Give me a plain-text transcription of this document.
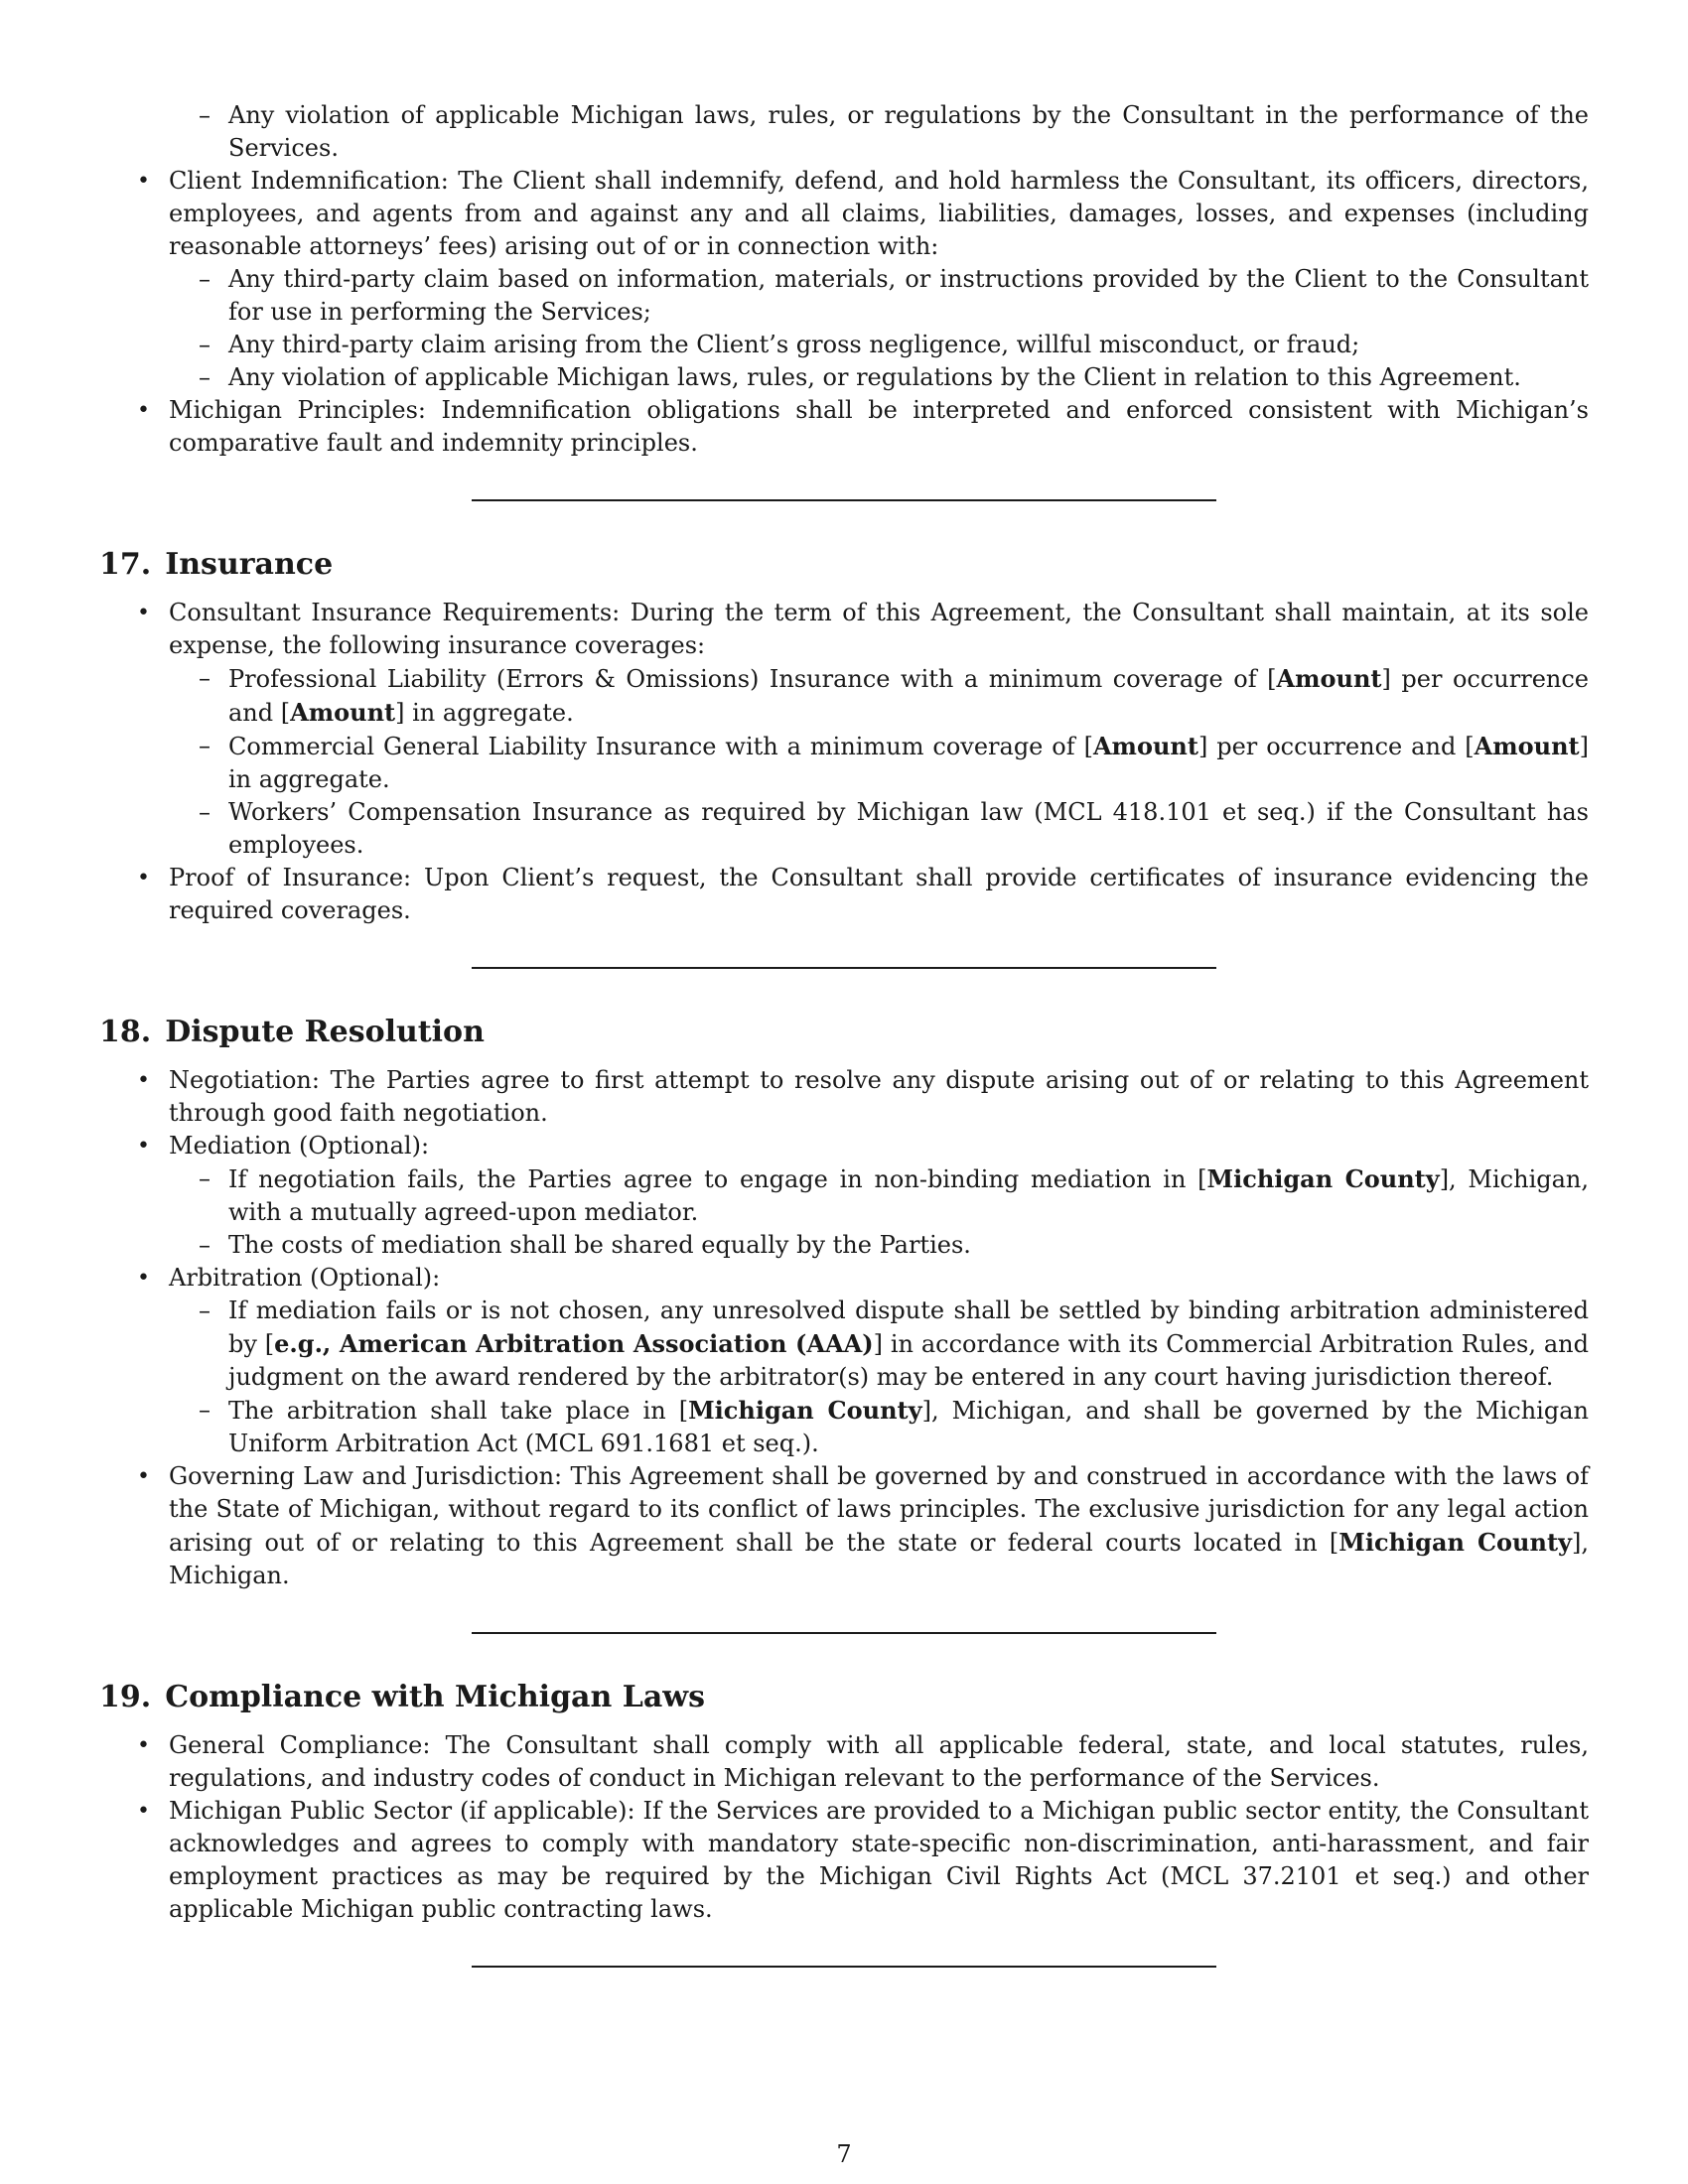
– Any violation of applicable Michigan laws, rules, or regulations by the Consultant in the performance of the Services.
• Client Indemnification: The Client shall indemnify, defend, and hold harmless the Consultant, its officers, directors, employees, and agents from and against any and all claims, liabilities, damages, losses, and expenses (including reasonable attorneys’ fees) arising out of or in connection with:
– Any third-party claim based on information, materials, or instructions provided by the Client to the Consultant for use in performing the Services;
– Any third-party claim arising from the Client’s gross negligence, willful misconduct, or fraud;
– Any violation of applicable Michigan laws, rules, or regulations by the Client in relation to this Agreement.
• Michigan Principles: Indemnification obligations shall be interpreted and enforced consistent with Michigan’s comparative fault and indemnity principles.
17. Insurance
• Consultant Insurance Requirements: During the term of this Agreement, the Consultant shall maintain, at its sole expense, the following insurance coverages:
– Professional Liability (Errors & Omissions) Insurance with a minimum coverage of [Amount] per occurrence and [Amount] in aggregate.
– Commercial General Liability Insurance with a minimum coverage of [Amount] per occurrence and [Amount] in aggregate.
– Workers’ Compensation Insurance as required by Michigan law (MCL 418.101 et seq.) if the Consultant has employees.
• Proof of Insurance: Upon Client’s request, the Consultant shall provide certificates of insurance evidencing the required coverages.
18. Dispute Resolution
• Negotiation: The Parties agree to first attempt to resolve any dispute arising out of or relating to this Agreement through good faith negotiation.
• Mediation (Optional):
– If negotiation fails, the Parties agree to engage in non-binding mediation in [Michigan County], Michigan, with a mutually agreed-upon mediator.
– The costs of mediation shall be shared equally by the Parties.
• Arbitration (Optional):
– If mediation fails or is not chosen, any unresolved dispute shall be settled by binding arbitration administered by [e.g., American Arbitration Association (AAA)] in accordance with its Commercial Arbitration Rules, and judgment on the award rendered by the arbitrator(s) may be entered in any court having jurisdiction thereof.
– The arbitration shall take place in [Michigan County], Michigan, and shall be governed by the Michigan Uniform Arbitration Act (MCL 691.1681 et seq.).
• Governing Law and Jurisdiction: This Agreement shall be governed by and construed in accordance with the laws of the State of Michigan, without regard to its conflict of laws principles. The exclusive jurisdiction for any legal action arising out of or relating to this Agreement shall be the state or federal courts located in [Michigan County], Michigan.
19. Compliance with Michigan Laws
• General Compliance: The Consultant shall comply with all applicable federal, state, and local statutes, rules, regulations, and industry codes of conduct in Michigan relevant to the performance of the Services.
• Michigan Public Sector (if applicable): If the Services are provided to a Michigan public sector entity, the Consultant acknowledges and agrees to comply with mandatory state-specific non-discrimination, anti-harassment, and fair employment practices as may be required by the Michigan Civil Rights Act (MCL 37.2101 et seq.) and other applicable Michigan public contracting laws.
7
